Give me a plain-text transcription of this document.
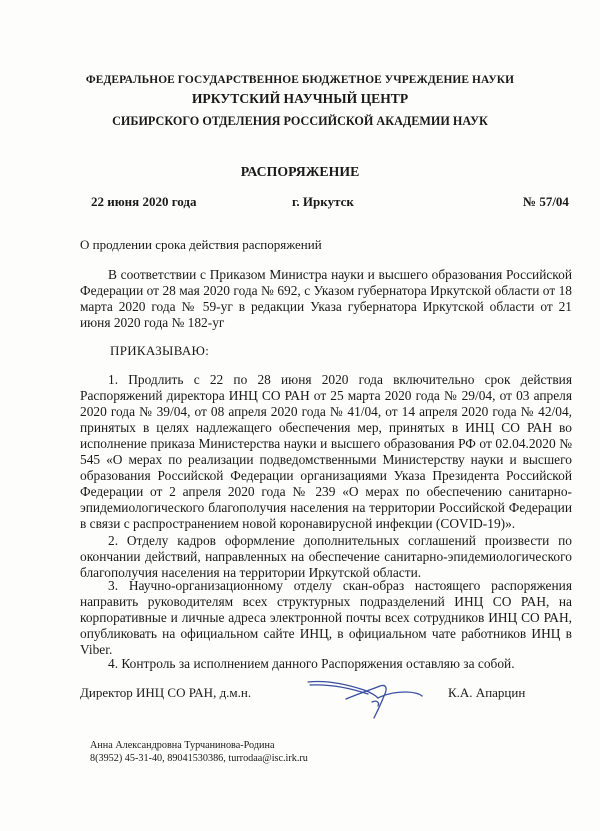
ФЕДЕРАЛЬНОЕ ГОСУДАРСТВЕННОЕ БЮДЖЕТНОЕ УЧРЕЖДЕНИЕ НАУКИ

ИРКУТСКИЙ НАУЧНЫЙ ЦЕНТР

СИБИРСКОГО ОТДЕЛЕНИЯ РОССИЙСКОЙ АКАДЕМИИ НАУК

РАСПОРЯЖЕНИЕ

22 июня 2020 года	г. Иркутск	№ 57/04

О продлении срока действия распоряжений

В соответствии с Приказом Министра науки и высшего образования Российской Федерации от 28 мая 2020 года № 692, с Указом губернатора Иркутской области от 18 марта 2020 года № 59-уг в редакции Указа губернатора Иркутской области от 21 июня 2020 года № 182-уг

ПРИКАЗЫВАЮ:

1. Продлить с 22 по 28 июня 2020 года включительно срок действия Распоряжений директора ИНЦ СО РАН от 25 марта 2020 года № 29/04, от 03 апреля 2020 года № 39/04, от 08 апреля 2020 года № 41/04, от 14 апреля 2020 года № 42/04, принятых в целях надлежащего обеспечения мер, принятых в ИНЦ СО РАН во исполнение приказа Министерства науки и высшего образования РФ от 02.04.2020 № 545 «О мерах по реализации подведомственными Министерству науки и высшего образования Российской Федерации организациями Указа Президента Российской Федерации от 2 апреля 2020 года № 239 «О мерах по обеспечению санитарно-эпидемиологического благополучия населения на территории Российской Федерации в связи с распространением новой коронавирусной инфекции (COVID-19)».

2. Отделу кадров оформление дополнительных соглашений произвести по окончании действий, направленных на обеспечение санитарно-эпидемиологического благополучия населения на территории Иркутской области.

3. Научно-организационному отделу скан-образ настоящего распоряжения направить руководителям всех структурных подразделений ИНЦ СО РАН, на корпоративные и личные адреса электронной почты всех сотрудников ИНЦ СО РАН, опубликовать на официальном сайте ИНЦ, в официальном чате работников ИНЦ в Viber.

4. Контроль за исполнением данного Распоряжения оставляю за собой.

Директор ИНЦ СО РАН, д.м.н.	К.А. Апарцин

Анна Александровна Турчанинова-Родина

8(3952) 45-31-40, 89041530386, turrodaa@isc.irk.ru
